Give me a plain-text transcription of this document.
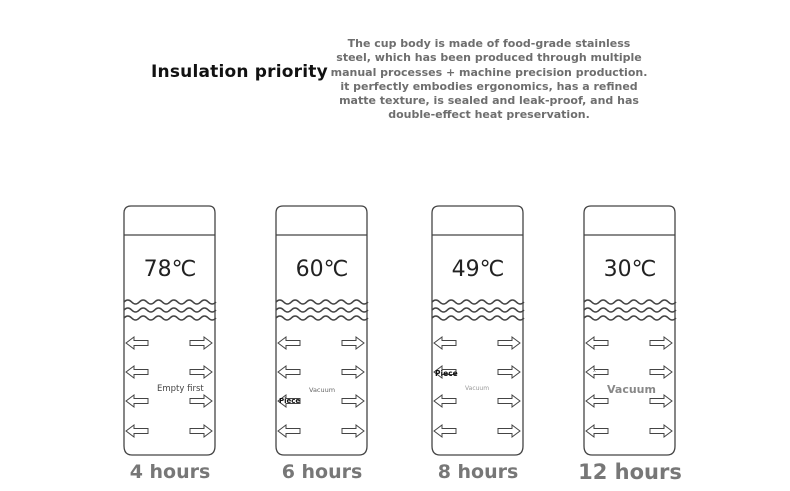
Insulation priority
The cup body is made of food-grade stainless steel, which has been produced through multiple manual processes + machine precision production. it perfectly embodies ergonomics, has a refined matte texture, is sealed and leak-proof, and has double-effect heat preservation.
78℃
Empty first
4 hours
60℃
Vacuum
Piece
6 hours
49℃
Piece
Vacuum
8 hours
ⅹ
30℃
Vacuum
12 hours
